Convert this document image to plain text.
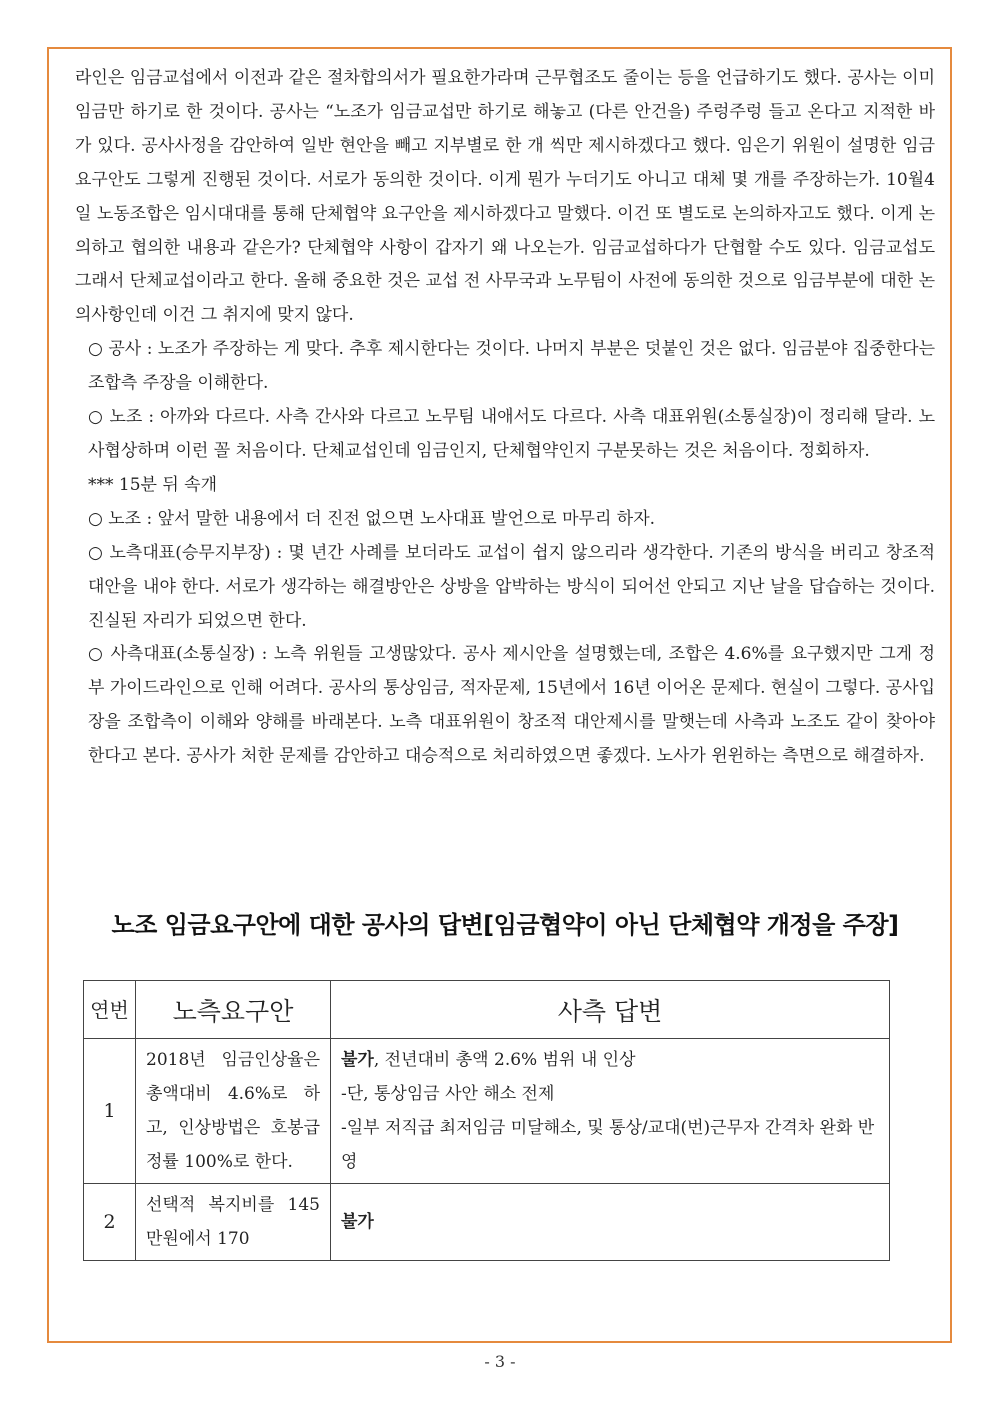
라인은 임금교섭에서 이전과 같은 절차합의서가 필요한가라며 근무협조도 줄이는 등을 언급하기도 했다. 공사는 이미 임금만 하기로 한 것이다. 공사는 “노조가 임금교섭만 하기로 해놓고 (다른 안건을) 주렁주렁 들고 온다고 지적한 바가 있다. 공사사정을 감안하여 일반 현안을 빼고 지부별로 한 개 씩만 제시하겠다고 했다. 임은기 위원이 설명한 임금요구안도 그렇게 진행된 것이다. 서로가 동의한 것이다. 이게 뭔가 누더기도 아니고 대체 몇 개를 주장하는가. 10월4일 노동조합은 임시대대를 통해 단체협약 요구안을 제시하겠다고 말했다. 이건 또 별도로 논의하자고도 했다. 이게 논의하고 협의한 내용과 같은가? 단체협약 사항이 갑자기 왜 나오는가. 임금교섭하다가 단협할 수도 있다. 임금교섭도 그래서 단체교섭이라고 한다. 올해 중요한 것은 교섭 전 사무국과 노무팀이 사전에 동의한 것으로 임금부분에 대한 논의사항인데 이건 그 취지에 맞지 않다.

○ 공사 : 노조가 주장하는 게 맞다. 추후 제시한다는 것이다. 나머지 부분은 덧붙인 것은 없다. 임금분야 집중한다는 조합측 주장을 이해한다.

○ 노조 : 아까와 다르다. 사측 간사와 다르고 노무팀 내애서도 다르다. 사측 대표위원(소통실장)이 정리해 달라. 노사협상하며 이런 꼴 처음이다. 단체교섭인데 임금인지, 단체협약인지 구분못하는 것은 처음이다. 정회하자.

*** 15분 뒤 속개

○ 노조 : 앞서 말한 내용에서 더 진전 없으면 노사대표 발언으로 마무리 하자.

○ 노측대표(승무지부장) : 몇 년간 사례를 보더라도 교섭이 쉽지 않으리라 생각한다. 기존의 방식을 버리고 창조적 대안을 내야 한다. 서로가 생각하는 해결방안은 상방을 압박하는 방식이 되어선 안되고 지난 날을 답습하는 것이다. 진실된 자리가 되었으면 한다.

○ 사측대표(소통실장) : 노측 위원들 고생많았다. 공사 제시안을 설명했는데, 조합은 4.6%를 요구했지만 그게 정부 가이드라인으로 인해 어려다. 공사의 통상임금, 적자문제, 15년에서 16년 이어온 문제다. 현실이 그렇다. 공사입장을 조합측이 이해와 양해를 바래본다. 노측 대표위원이 창조적 대안제시를 말햇는데 사측과 노조도 같이 찾아야 한다고 본다. 공사가 처한 문제를 감안하고 대승적으로 처리하였으면 좋겠다. 노사가 윈윈하는 측면으로 해결하자.

노조 임금요구안에 대한 공사의 답변[임금협약이 아닌 단체협약 개정을 주장]
연번	노측요구안	사측 답변
1	2018년 임금인상율은 총액대비 4.6%로 하고, 인상방법은 호봉급정률 100%로 한다.	불가, 전년대비 총액 2.6% 범위 내 인상
-단, 통상임금 사안 해소 전제
-일부 저직급 최저임금 미달해소, 및 통상/교대(번)근무자 간격차 완화 반영

2	선택적 복지비를 145만원에서 170	불가
- 3 -
